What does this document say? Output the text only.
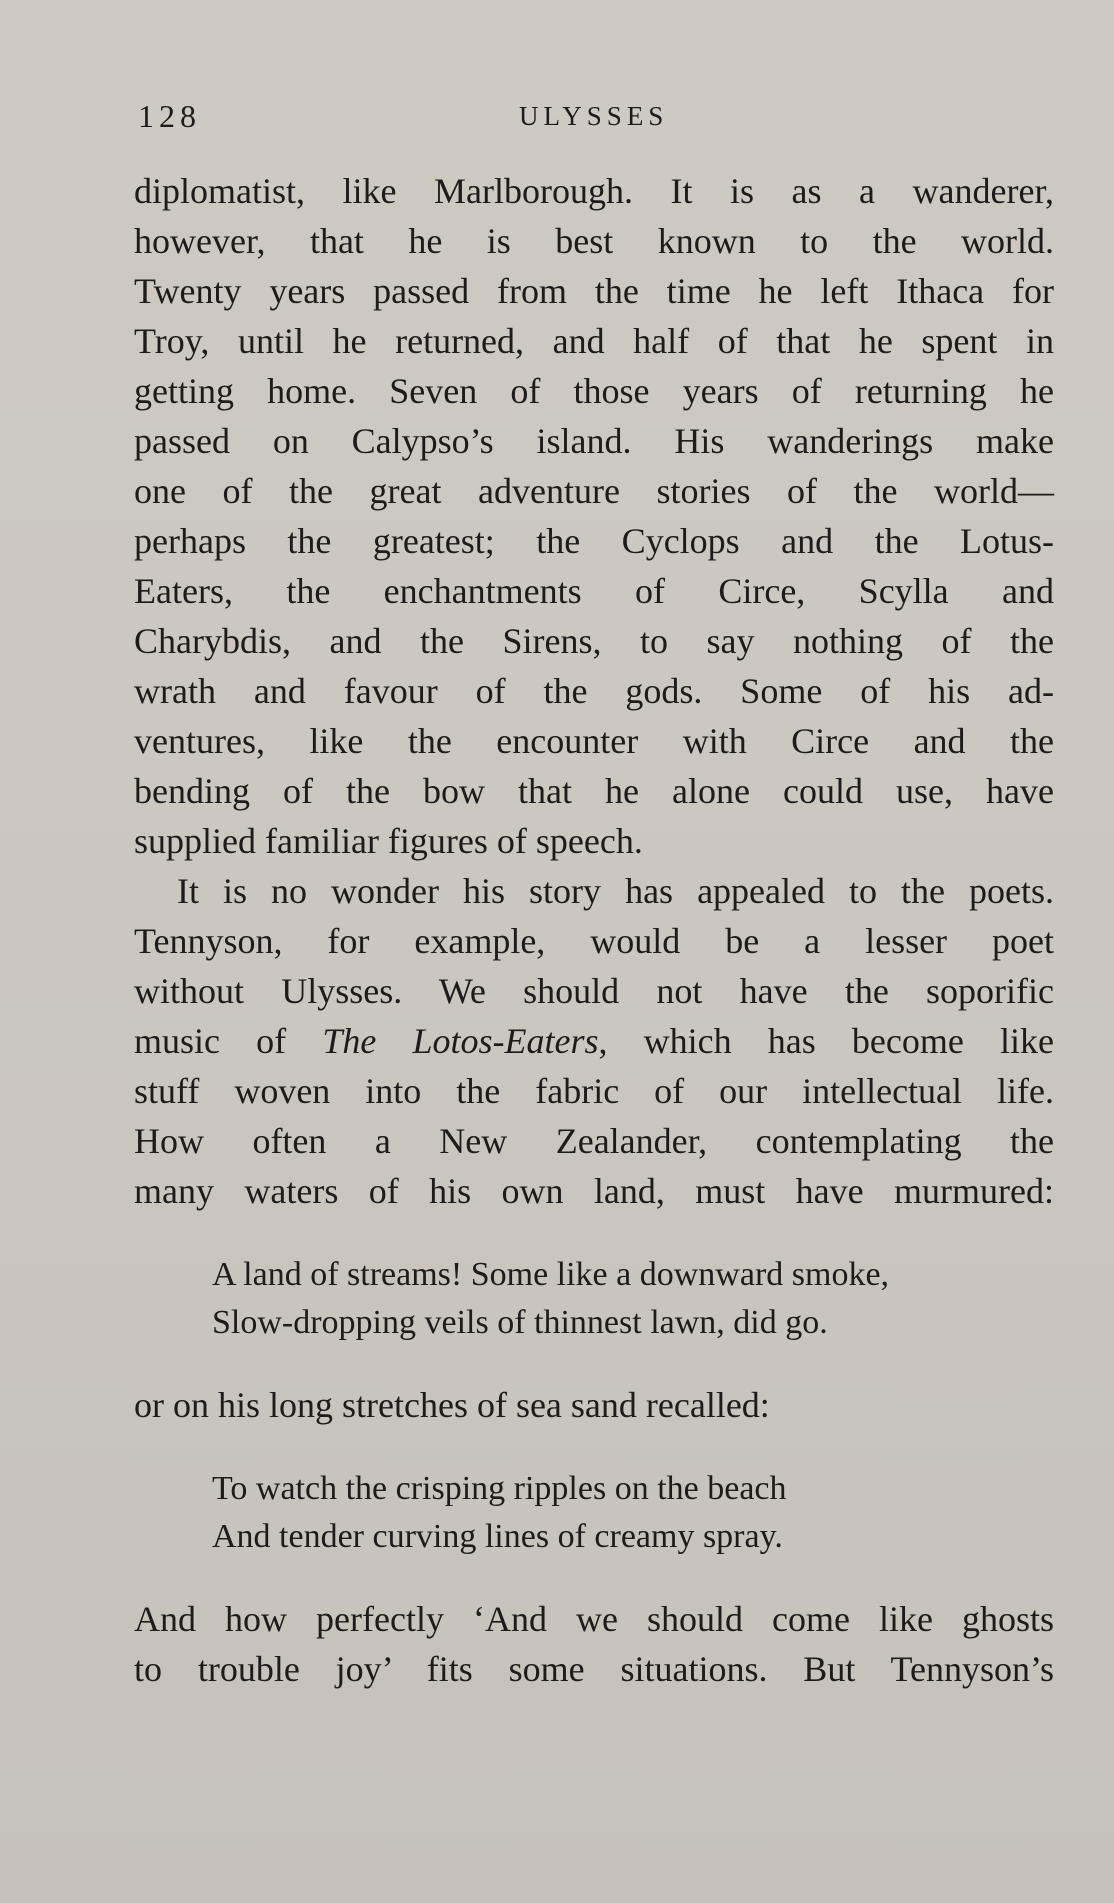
128	ULYSSES
diplomatist, like Marlborough. It is as a wanderer,
however, that he is best known to the world.
Twenty years passed from the time he left Ithaca for
Troy, until he returned, and half of that he spent in
getting home. Seven of those years of returning he
passed on Calypso’s island. His wanderings make
one of the great adventure stories of the world—
perhaps the greatest; the Cyclops and the Lotus-
Eaters, the enchantments of Circe, Scylla and
Charybdis, and the Sirens, to say nothing of the
wrath and favour of the gods. Some of his ad-
ventures, like the encounter with Circe and the
bending of the bow that he alone could use, have
supplied familiar figures of speech.
It is no wonder his story has appealed to the poets.
Tennyson, for example, would be a lesser poet
without Ulysses. We should not have the soporific
music of The Lotos-Eaters, which has become like
stuff woven into the fabric of our intellectual life.
How often a New Zealander, contemplating the
many waters of his own land, must have murmured:
A land of streams! Some like a downward smoke,
Slow-dropping veils of thinnest lawn, did go.
or on his long stretches of sea sand recalled:
To watch the crisping ripples on the beach
And tender curving lines of creamy spray.
And how perfectly ‘And we should come like ghosts
to trouble joy’ fits some situations. But Tennyson’s
